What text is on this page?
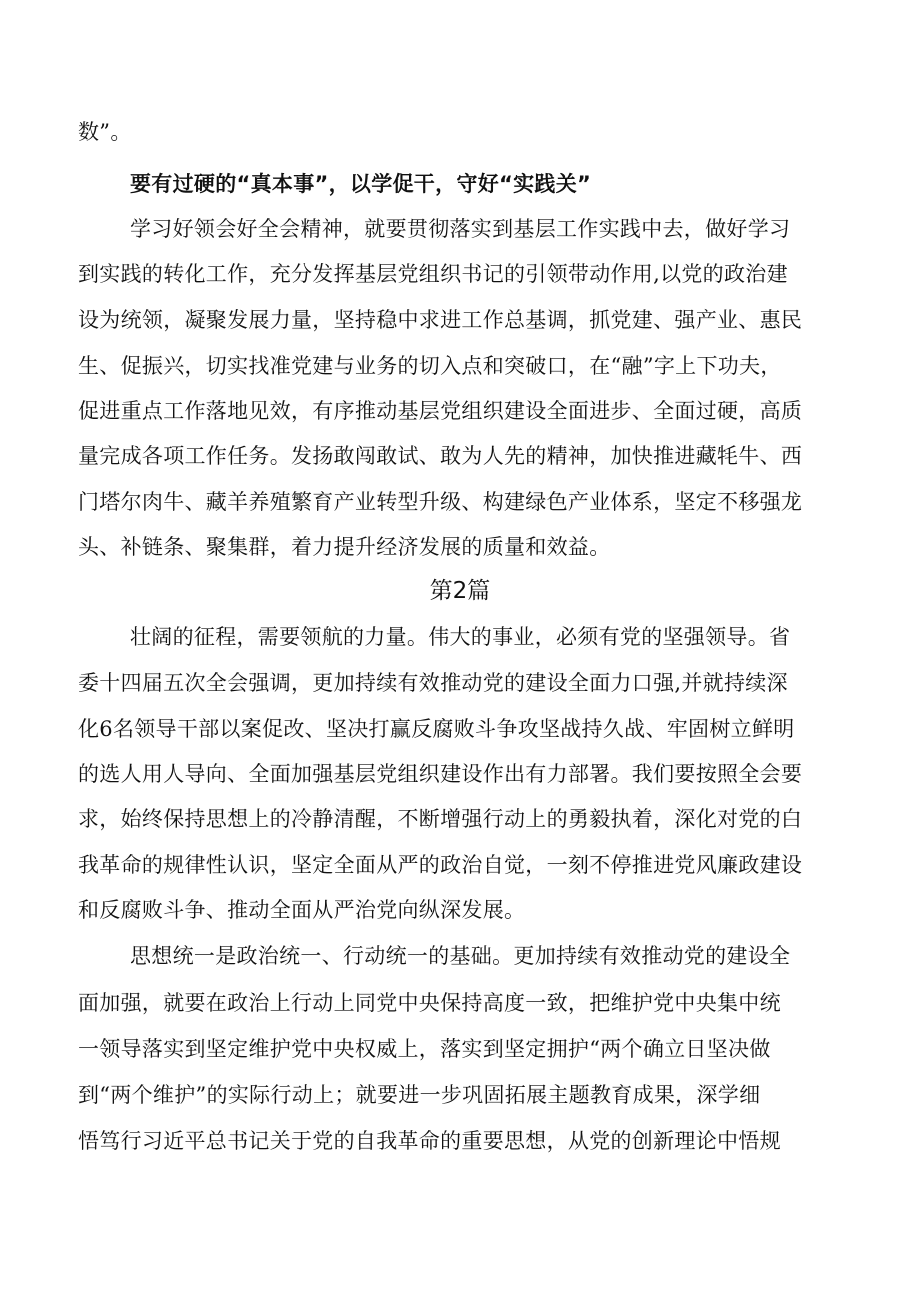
数”。
要有过硬的“真本事”，以学促干，守好“实践关”
学习好领会好全会精神，就要贯彻落实到基层工作实践中去，做好学习
到实践的转化工作，充分发挥基层党组织书记的引领带动作用,以党的政治建
设为统领，凝聚发展力量，坚持稳中求进工作总基调，抓党建、强产业、惠民
生、促振兴，切实找准党建与业务的切入点和突破口，在“融”字上下功夫，
促进重点工作落地见效，有序推动基层党组织建设全面进步、全面过硬，高质
量完成各项工作任务。发扬敢闯敢试、敢为人先的精神，加快推进藏牦牛、西
门塔尔肉牛、藏羊养殖繁育产业转型升级、构建绿色产业体系，坚定不移强龙
头、补链条、聚集群，着力提升经济发展的质量和效益。
第2篇
壮阔的征程，需要领航的力量。伟大的事业，必须有党的坚强领导。省
委十四届五次全会强调，更加持续有效推动党的建设全面力口强,并就持续深
化6名领导干部以案促改、坚决打赢反腐败斗争攻坚战持久战、牢固树立鲜明
的选人用人导向、全面加强基层党组织建设作出有力部署。我们要按照全会要
求，始终保持思想上的冷静清醒，不断增强行动上的勇毅执着，深化对党的白
我革命的规律性认识，坚定全面从严的政治自觉，一刻不停推进党风廉政建设
和反腐败斗争、推动全面从严治党向纵深发展。
思想统一是政治统一、行动统一的基础。更加持续有效推动党的建设全
面加强，就要在政治上行动上同党中央保持高度一致，把维护党中央集中统
一领导落实到坚定维护党中央权威上，落实到坚定拥护“两个确立日坚决做
到“两个维护”的实际行动上；就要进一步巩固拓展主题教育成果，深学细
悟笃行习近平总书记关于党的自我革命的重要思想，从党的创新理论中悟规
